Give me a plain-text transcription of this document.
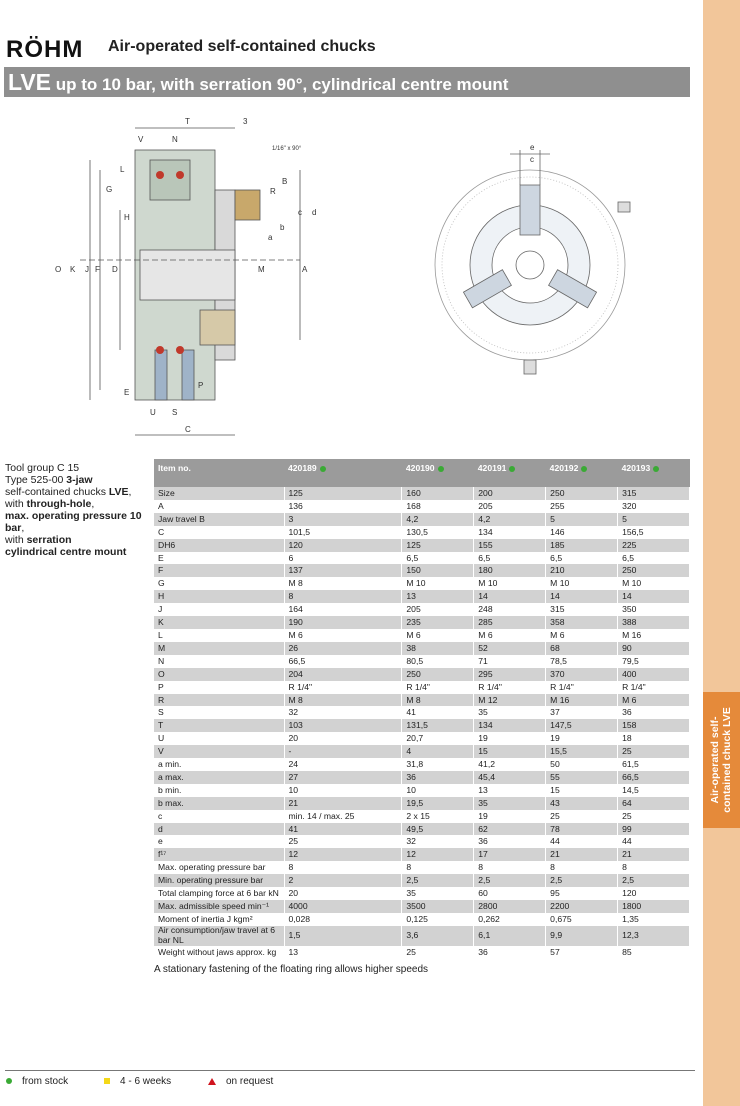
Air-operated self- contained chuck LVE
RÖHM Air-operated self-contained chucks
LVE up to 10 bar, with serration 90°, cylindrical centre mount
T	3
V	N
1/16" x 90°
L
O K J F D
G
H
R
B
b
a
c d
M	A
E
P
U S
C
e
c
Tool group C 15
Type 525-00 3-jaw
self-contained chucks LVE,
with through-hole,
max. operating pressure 10 bar,
with serration
cylindrical centre mount
Item no.	420189	420190	420191	420192	420193
Size	125	160	200	250	315
A	136	168	205	255	320
Jaw travel B	3	4,2	4,2	5	5
C	101,5	130,5	134	146	156,5
DH6	120	125	155	185	225
E	6	6,5	6,5	6,5	6,5
F	137	150	180	210	250
G	M 8	M 10	M 10	M 10	M 10
H	8	13	14	14	14
J	164	205	248	315	350
K	190	235	285	358	388
L	M 6	M 6	M 6	M 6	M 16
M	26	38	52	68	90
N	66,5	80,5	71	78,5	79,5
O	204	250	295	370	400
P	R 1/4"	R 1/4"	R 1/4"	R 1/4"	R 1/4"
R	M 8	M 8	M 12	M 16	M 6
S	32	41	35	37	36
T	103	131,5	134	147,5	158
U	20	20,7	19	19	18
V	-	4	15	15,5	25
a min.	24	31,8	41,2	50	61,5
a max.	27	36	45,4	55	66,5
b min.	10	10	13	15	14,5
b max.	21	19,5	35	43	64
c	min. 14 / max. 25	2 x 15	19	25	25
d	41	49,5	62	78	99
e	25	32	36	44	44
f¹⁷	12	12	17	21	21
Max. operating pressure bar	8	8	8	8	8
Min. operating pressure bar	2	2,5	2,5	2,5	2,5
Total clamping force at 6 bar kN	20	35	60	95	120
Max. admissible speed min⁻¹	4000	3500	2800	2200	1800
Moment of inertia J kgm²	0,028	0,125	0,262	0,675	1,35
Air consumption/jaw travel at 6 bar NL	1,5	3,6	6,1	9,9	12,3
Weight without jaws approx. kg	13	25	36	57	85
A stationary fastening of the floating ring allows higher speeds
from stock	4 - 6 weeks	on request
